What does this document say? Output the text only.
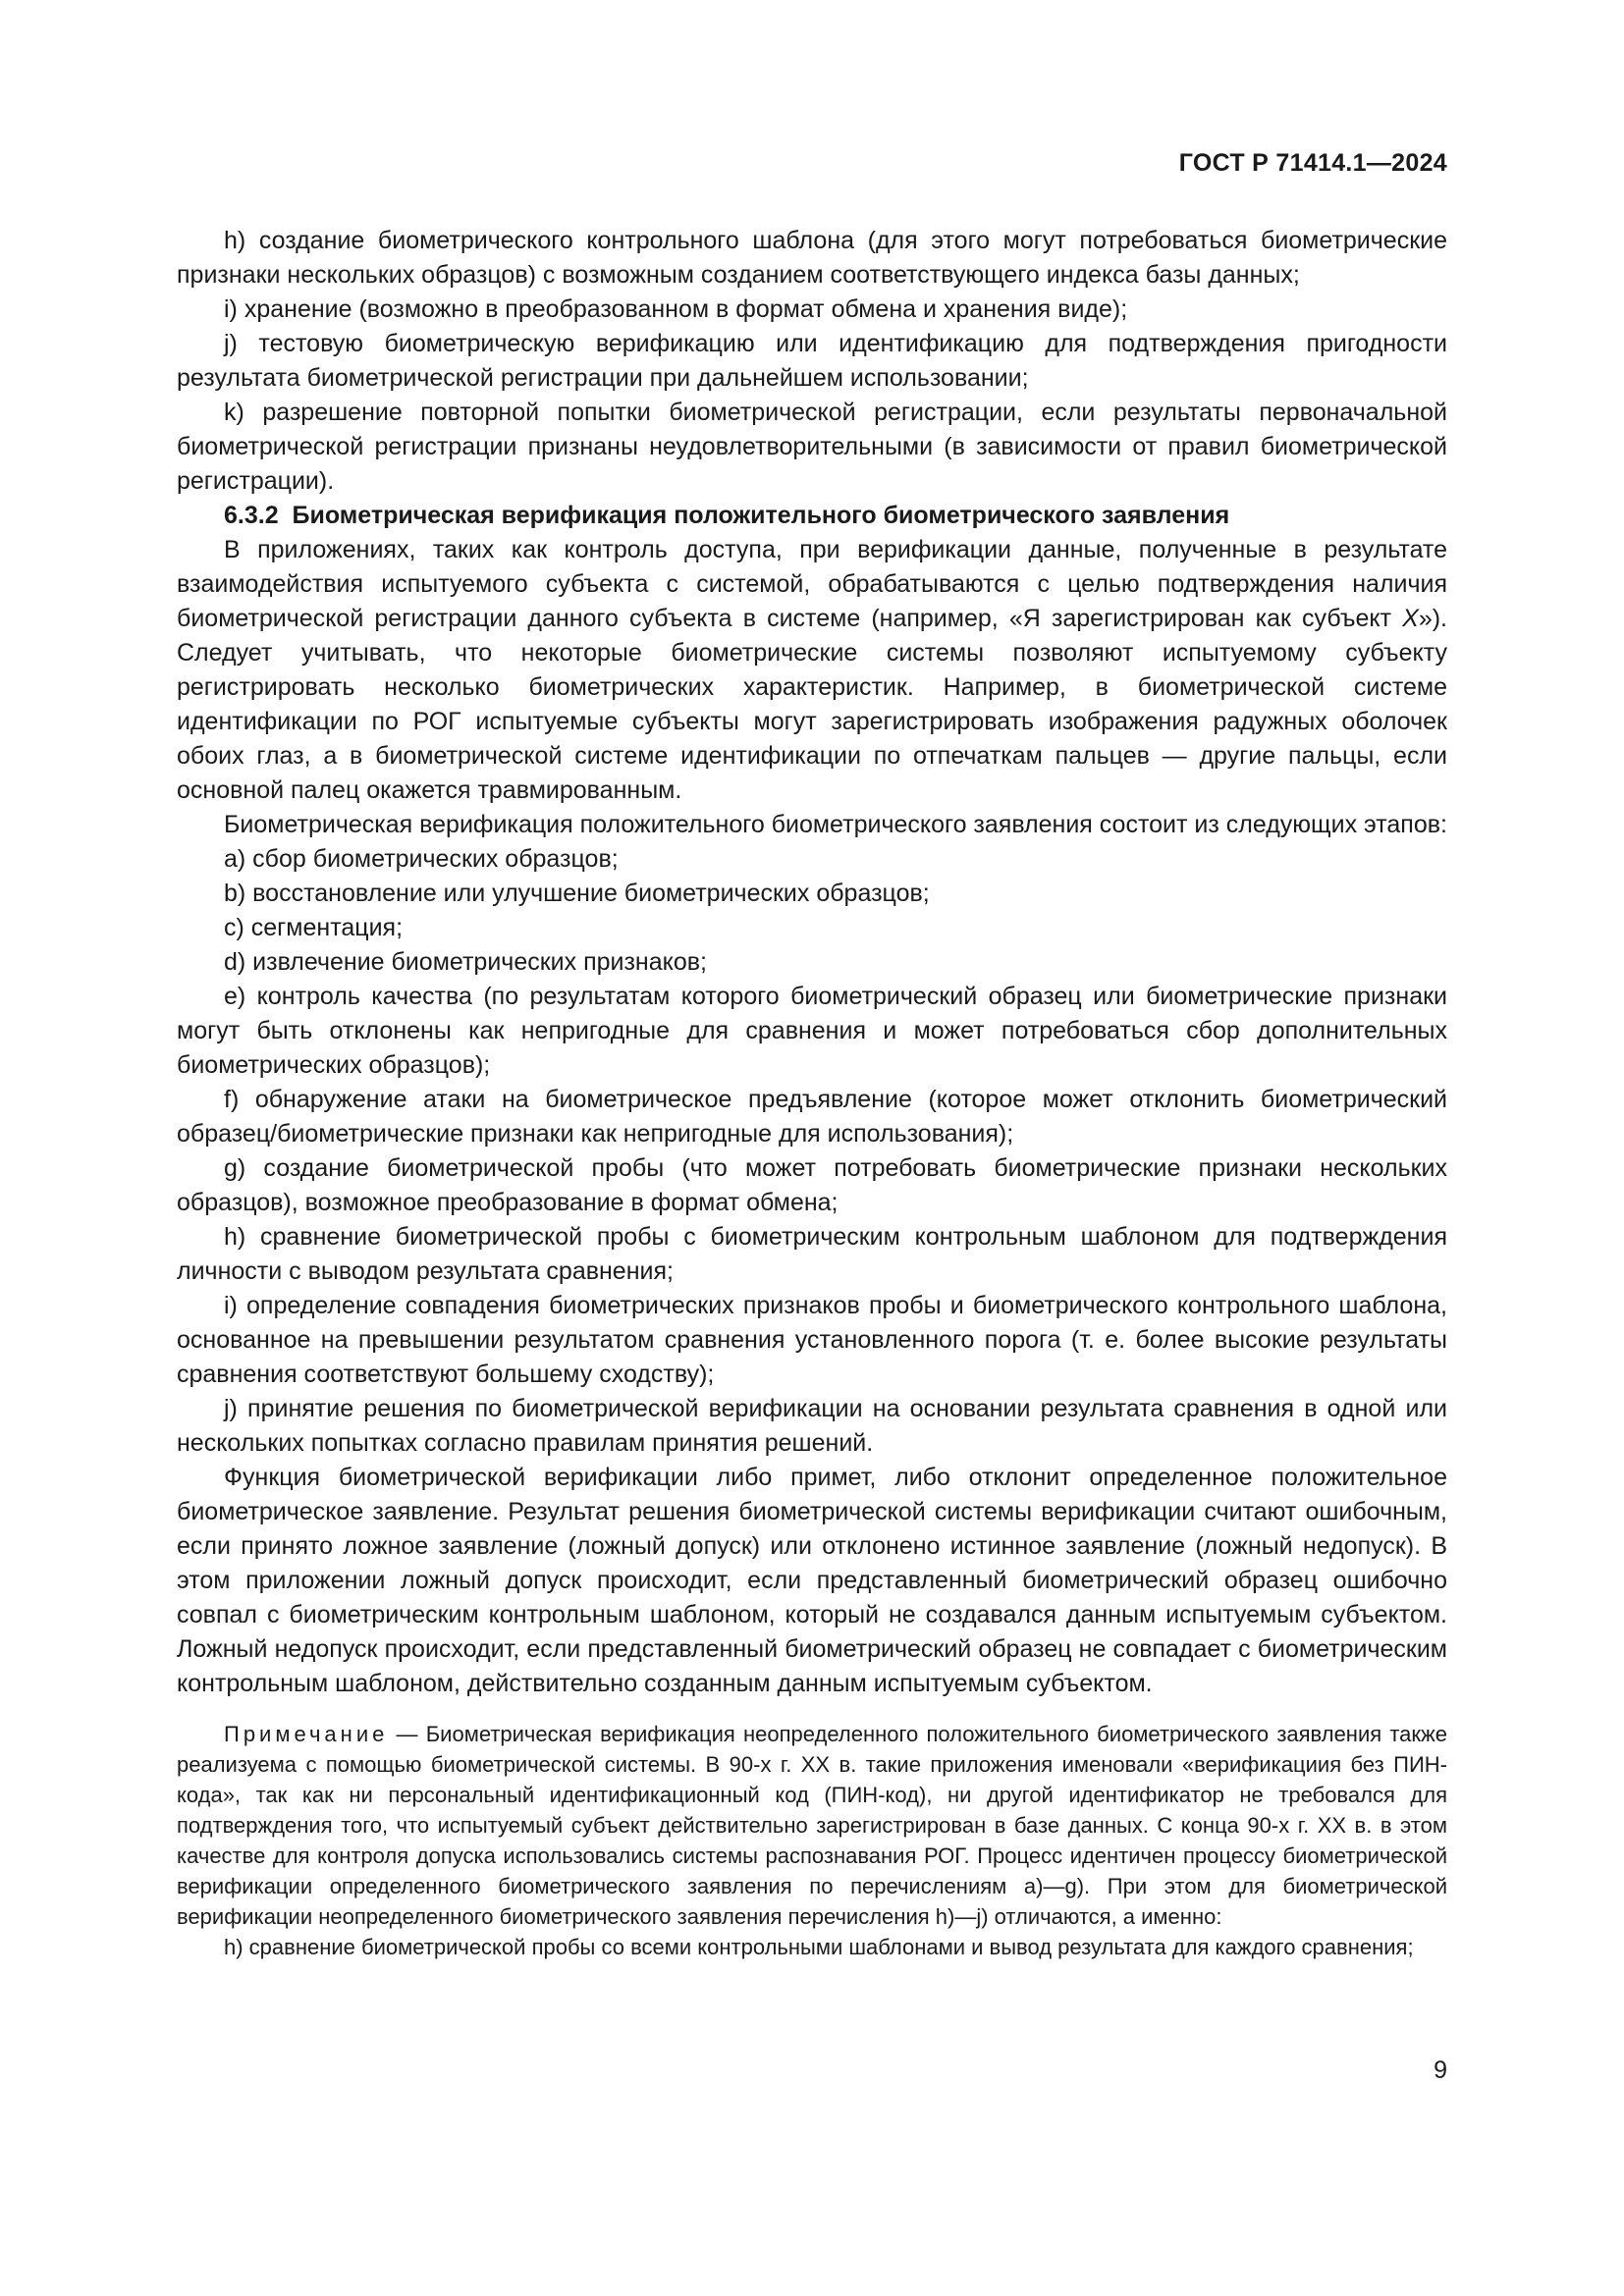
ГОСТ Р 71414.1—2024

h) создание биометрического контрольного шаблона (для этого могут потребоваться биометрические признаки нескольких образцов) с возможным созданием соответствующего индекса базы данных;

i) хранение (возможно в преобразованном в формат обмена и хранения виде);

j) тестовую биометрическую верификацию или идентификацию для подтверждения пригодности результата биометрической регистрации при дальнейшем использовании;

k) разрешение повторной попытки биометрической регистрации, если результаты первоначальной биометрической регистрации признаны неудовлетворительными (в зависимости от правил биометрической регистрации).

6.3.2 Биометрическая верификация положительного биометрического заявления

В приложениях, таких как контроль доступа, при верификации данные, полученные в результате взаимодействия испытуемого субъекта с системой, обрабатываются с целью подтверждения наличия биометрической регистрации данного субъекта в системе (например, «Я зарегистрирован как субъект X»). Следует учитывать, что некоторые биометрические системы позволяют испытуемому субъекту регистрировать несколько биометрических характеристик. Например, в биометрической системе идентификации по РОГ испытуемые субъекты могут зарегистрировать изображения радужных оболочек обоих глаз, а в биометрической системе идентификации по отпечаткам пальцев — другие пальцы, если основной палец окажется травмированным.

Биометрическая верификация положительного биометрического заявления состоит из следующих этапов:

a) сбор биометрических образцов;

b) восстановление или улучшение биометрических образцов;

c) сегментация;

d) извлечение биометрических признаков;

e) контроль качества (по результатам которого биометрический образец или биометрические признаки могут быть отклонены как непригодные для сравнения и может потребоваться сбор дополнительных биометрических образцов);

f) обнаружение атаки на биометрическое предъявление (которое может отклонить биометрический образец/биометрические признаки как непригодные для использования);

g) создание биометрической пробы (что может потребовать биометрические признаки нескольких образцов), возможное преобразование в формат обмена;

h) сравнение биометрической пробы с биометрическим контрольным шаблоном для подтверждения личности с выводом результата сравнения;

i) определение совпадения биометрических признаков пробы и биометрического контрольного шаблона, основанное на превышении результатом сравнения установленного порога (т. е. более высокие результаты сравнения соответствуют большему сходству);

j) принятие решения по биометрической верификации на основании результата сравнения в одной или нескольких попытках согласно правилам принятия решений.

Функция биометрической верификации либо примет, либо отклонит определенное положительное биометрическое заявление. Результат решения биометрической системы верификации считают ошибочным, если принято ложное заявление (ложный допуск) или отклонено истинное заявление (ложный недопуск). В этом приложении ложный допуск происходит, если представленный биометрический образец ошибочно совпал с биометрическим контрольным шаблоном, который не создавался данным испытуемым субъектом. Ложный недопуск происходит, если представленный биометрический образец не совпадает с биометрическим контрольным шаблоном, действительно созданным данным испытуемым субъектом.

Примечание — Биометрическая верификация неопределенного положительного биометрического заявления также реализуема с помощью биометрической системы. В 90-х г. XX в. такие приложения именовали «верификациия без ПИН-кода», так как ни персональный идентификационный код (ПИН-код), ни другой идентификатор не требовался для подтверждения того, что испытуемый субъект действительно зарегистрирован в базе данных. С конца 90-х г. XX в. в этом качестве для контроля допуска использовались системы распознавания РОГ. Процесс идентичен процессу биометрической верификации определенного биометрического заявления по перечислениям a)—g). При этом для биометрической верификации неопределенного биометрического заявления перечисления h)—j) отличаются, а именно:

h) сравнение биометрической пробы со всеми контрольными шаблонами и вывод результата для каждого сравнения;

9
